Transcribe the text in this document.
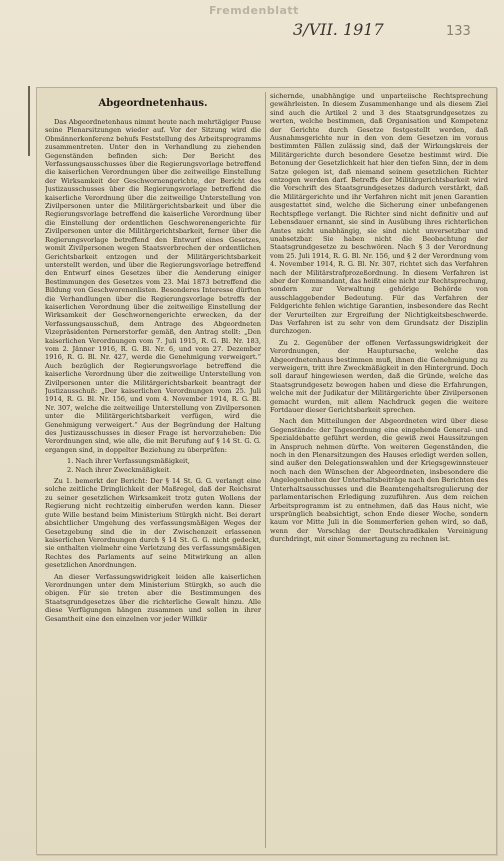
Fremdenblatt
3/VII. 1917	133
Abgeordnetenhaus.

Das Abgeordnetenhaus nimmt heute nach mehrtägiger Pause seine Plenarsitzungen wieder auf. Vor der Sitzung wird die Obmännerkonferenz behufs Feststellung des Arbeitsprogramms zusammentreten. Unter den in Verhandlung zu ziehenden Gegenständen befinden sich: Der Bericht des Verfassungsausschusses über die Regierungsvorlage betreffend die kaiserlichen Verordnungen über die zeitweilige Einstellung der Wirksamkeit der Geschwornengerichte, der Bericht des Justizausschusses über die Regierungsvorlage betreffend die kaiserliche Verordnung über die zeitweilige Unterstellung von Zivilpersonen unter die Militärgerichtsbarkeit und über die Regierungsvorlage betreffend die kaiserliche Verordnung über die Einstellung der ordentlichen Geschworenengerichte für Zivilpersonen unter die Militärgerichtsbarkeit, ferner über die Regierungsvorlage betreffend den Entwurf eines Gesetzes, womit Zivilpersonen wegen Staatsverbrechen der ordentlichen Gerichtsbarkeit entzogen und der Militärgerichtsbarkeit unterstellt werden, und über die Regierungsvorlage betreffend den Entwurf eines Gesetzes über die Aenderung einiger Bestimmungen des Gesetzes vom 23. Mai 1873 betreffend die Bildung von Geschworenenlisten. Besonderes Interesse dürften die Verhandlungen über die Regierungsvorlage betreffs der kaiserlichen Verordnung über die zeitweilige Einstellung der Wirksamkeit der Geschwornengerichte erwecken, da der Verfassungsausschuß, dem Antrage des Abgeordneten Vizepräsidenten Pernerstorfer gemäß, den Antrag stellt: „Den kaiserlichen Verordnungen vom 7. Juli 1915, R. G. Bl. Nr. 183, vom 2. Jänner 1916, R. G. Bl. Nr. 6, und vom 27. Dezember 1916, R. G. Bl. Nr. 427, werde die Genehmigung verweigert.“ Auch bezüglich der Regierungsvorlage betreffend die kaiserliche Verordnung über die zeitweilige Unterstellung von Zivilpersonen unter die Militärgerichtsbarkeit beantragt der Justizausschuß: „Der kaiserlichen Verordnungen vom 25. Juli 1914, R. G. Bl. Nr. 156, und vom 4. November 1914, R. G. Bl. Nr. 307, welche die zeitweilige Unterstellung von Zivilpersonen unter die Militärgerichtsbarkeit verfügen, wird die Genehmigung verweigert.“ Aus der Begründung der Haltung des Justizausschusses in dieser Frage ist hervorzuheben: Die Verordnungen sind, wie alle, die mit Berufung auf § 14 St. G. G. ergangen sind, in doppelter Beziehung zu überprüfen:

1. Nach ihrer Verfassungsmäßigkeit,
2. Nach ihrer Zweckmäßigkeit.

Zu 1. bemerkt der Bericht: Der § 14 St. G. G. verlangt eine solche zeitliche Dringlichkeit der Maßregel, daß der Reichsrat zu seiner gesetzlichen Wirksamkeit trotz guten Wollens der Regierung nicht rechtzeitig einberufen werden kann. Dieser gute Wille bestand beim Ministerium Stürgkh nicht. Bei derart absichtlicher Umgehung des verfassungsmäßigen Weges der Gesetzgebung sind die in der Zwischenzeit erlassenen kaiserlichen Verordnungen durch § 14 St. G. G. nicht gedeckt, sie enthalten vielmehr eine Verletzung des verfassungsmäßigen Rechtes des Parlaments auf seine Mitwirkung an allen gesetzlichen Anordnungen.

An dieser Verfassungswidrigkeit leiden alle kaiserlichen Verordnungen unter dem Ministerium Stürgkh, so auch die obigen. Für sie treten aber die Bestimmungen des Staatsgrundgesetzes über die richterliche Gewalt hinzu. Alle diese Verfügungen hängen zusammen und sollen in ihrer Gesamtheit eine den einzelnen vor jeder Willkür

sichernde, unabhängige und unparteiische Rechtsprechung gewährleisten. In diesem Zusammenhange und als diesem Ziel sind auch die Artikel 2 und 3 des Staatsgrundgesetzes zu werten, welche bestimmen, daß Organisation und Kompetenz der Gerichte durch Gesetze festgestellt werden, daß Ausnahmsgerichte nur in den von dem Gesetzen im voraus bestimmten Fällen zulässig sind, daß der Wirkungskreis der Militärgerichte durch besondere Gesetze bestimmt wird. Die Betonung der Gesetzlichkeit hat hier den tiefen Sinn, der in dem Satze gelegen ist, daß niemand seinem gesetzlichen Richter entzogen werden darf. Betreffs der Militärgerichtsbarkeit wird die Vorschrift des Staatsgrundgesetzes dadurch verstärkt, daß die Militärgerichte und ihr Verfahren nicht mit jenen Garantien ausgestattet sind, welche die Sicherung einer unbefangenen Rechtspflege verlangt. Die Richter sind nicht definitiv und auf Lebensdauer ernannt, sie sind in Ausübung ihres richterlichen Amtes nicht unabhängig, sie sind nicht unversetzbar und unabsetzbar. Sie haben nicht die Beobachtung der Staatsgrundgesetze zu beschwören. Nach § 3 der Verordnung vom 25. Juli 1914, R. G. Bl. Nr. 156, und § 2 der Verordnung vom 4. November 1914, R. G. Bl. Nr. 307, richtet sich das Verfahren nach der Militärstrafprozeßordnung. In diesem Verfahren ist aber der Kommandant, das heißt eine nicht zur Rechtsprechung, sondern zur Verwaltung gehörige Behörde von ausschlaggebender Bedeutung. Für das Verfahren der Feldgerichte fehlen wichtige Garantien, insbesondere das Recht der Verurteilten zur Ergreifung der Nichtigkeitsbeschwerde. Das Verfahren ist zu sehr von dem Grundsatz der Disziplin durchzogen.

Zu 2. Gegenüber der offenen Verfassungswidrigkeit der Verordnungen, der Hauptursache, welche das Abgeordnetenhaus bestimmen muß, ihnen die Genehmigung zu verweigern, tritt ihre Zweckmäßigkeit in den Hintergrund. Doch soll darauf hingewiesen werden, daß die Gründe, welche das Staatsgrundgesetz bewogen haben und diese die Erfahrungen, welche mit der Judikatur der Militärgerichte über Zivilpersonen gemacht wurden, mit allem Nachdruck gegen die weitere Fortdauer dieser Gerichtsbarkeit sprechen.

Nach den Mitteilungen der Abgeordneten wird über diese Gegenstände: der Tagesordnung eine eingehende General- und Spezialdebatte geführt werden, die gewiß zwei Haussitzungen in Anspruch nehmen dürfte. Von weiteren Gegenständen, die noch in den Plenarsitzungen des Hauses erledigt werden sollen, sind außer den Delegationswahlen und der Kriegsgewinnsteuer noch nach den Wünschen der Abgeordneten, insbesondere die Angelegenheiten der Unterhaltsbeiträge nach den Berichten des Unterhaltsausschusses und die Beamtengehaltsregulierung der parlamentarischen Erledigung zuzuführen. Aus dem reichen Arbeitsprogramm ist zu entnehmen, daß das Haus nicht, wie ursprünglich beabsichtigt, schon Ende dieser Woche, sondern kaum vor Mitte Juli in die Sommerferien gehen wird, so daß, wenn der Vorschlag der Deutschradikalen Vereinigung durchdringt, mit einer Sommertagung zu rechnen ist.
